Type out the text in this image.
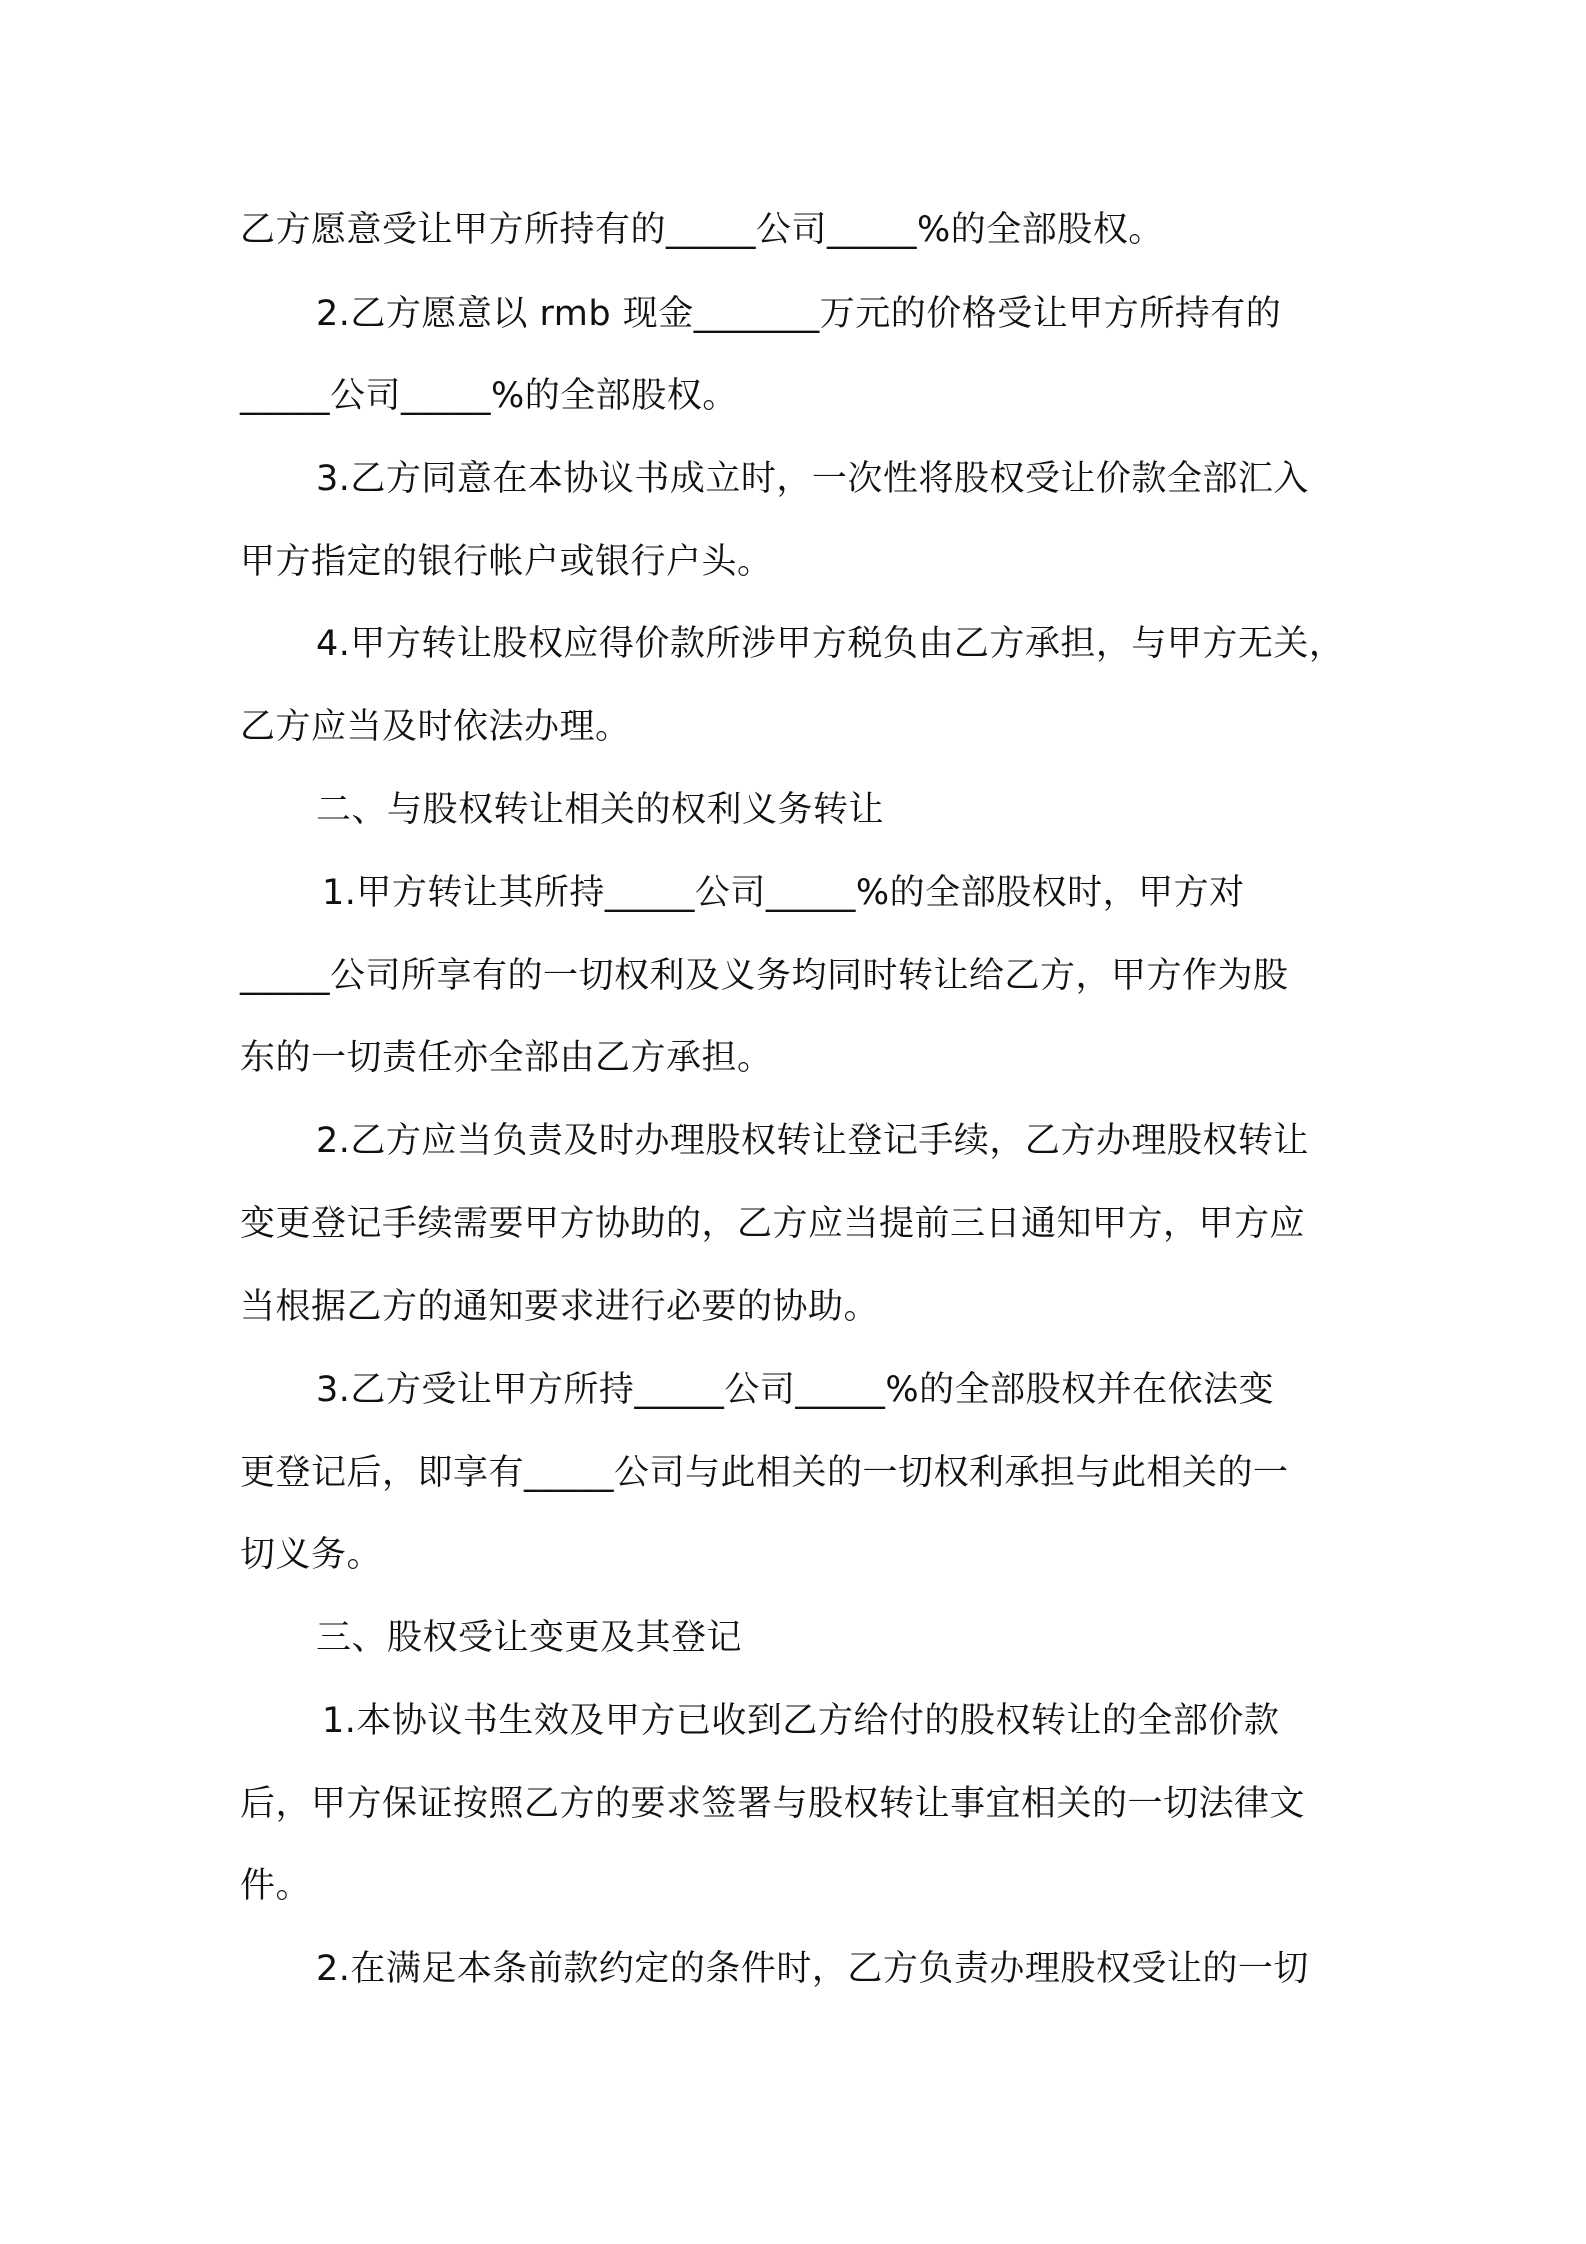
乙方愿意受让甲方所持有的_____公司_____%的全部股权。
2.乙方愿意以 rmb 现金_______万元的价格受让甲方所持有的
_____公司_____%的全部股权。
3.乙方同意在本协议书成立时，一次性将股权受让价款全部汇入
甲方指定的银行帐户或银行户头。
4.甲方转让股权应得价款所涉甲方税负由乙方承担，与甲方无关，
乙方应当及时依法办理。
二、与股权转让相关的权利义务转让
1.甲方转让其所持_____公司_____%的全部股权时，甲方对
_____公司所享有的一切权利及义务均同时转让给乙方，甲方作为股
东的一切责任亦全部由乙方承担。
2.乙方应当负责及时办理股权转让登记手续，乙方办理股权转让
变更登记手续需要甲方协助的，乙方应当提前三日通知甲方，甲方应
当根据乙方的通知要求进行必要的协助。
3.乙方受让甲方所持_____公司_____%的全部股权并在依法变
更登记后，即享有_____公司与此相关的一切权利承担与此相关的一
切义务。
三、股权受让变更及其登记
1.本协议书生效及甲方已收到乙方给付的股权转让的全部价款
后，甲方保证按照乙方的要求签署与股权转让事宜相关的一切法律文
件。
2.在满足本条前款约定的条件时，乙方负责办理股权受让的一切
